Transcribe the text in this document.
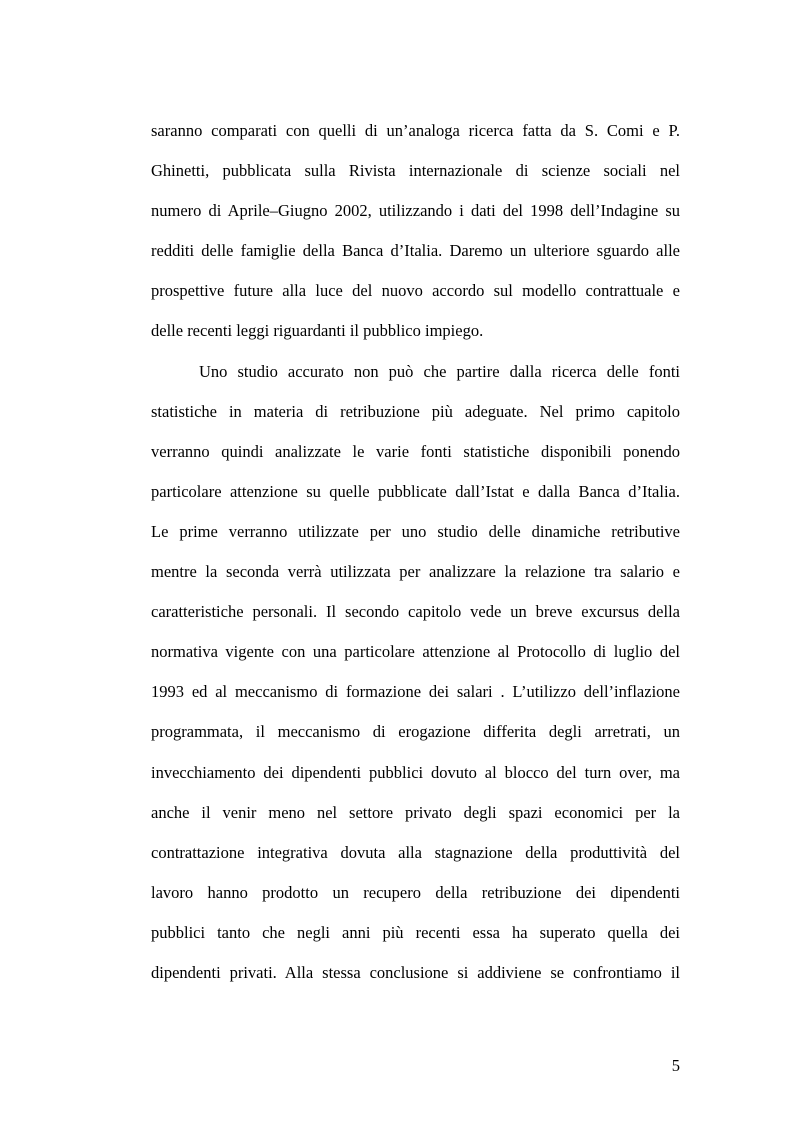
saranno comparati con quelli di un’analoga ricerca fatta da S. Comi e P.
Ghinetti, pubblicata sulla Rivista internazionale di scienze sociali nel
numero di Aprile–Giugno 2002, utilizzando i dati del 1998 dell’Indagine su
redditi delle famiglie della Banca d’Italia. Daremo un ulteriore sguardo alle
prospettive future alla luce del nuovo accordo sul modello contrattuale e
delle recenti leggi riguardanti il pubblico impiego.

Uno studio accurato non può che partire dalla ricerca delle fonti
statistiche in materia di retribuzione più adeguate. Nel primo capitolo
verranno quindi analizzate le varie fonti statistiche disponibili ponendo
particolare attenzione su quelle pubblicate dall’Istat e dalla Banca d’Italia.
Le prime verranno utilizzate per uno studio delle dinamiche retributive
mentre la seconda verrà utilizzata per analizzare la relazione tra salario e
caratteristiche personali. Il secondo capitolo vede un breve excursus della
normativa vigente con una particolare attenzione al Protocollo di luglio del
1993 ed al meccanismo di formazione dei salari . L’utilizzo dell’inflazione
programmata, il meccanismo di erogazione differita degli arretrati, un
invecchiamento dei dipendenti pubblici dovuto al blocco del turn over, ma
anche il venir meno nel settore privato degli spazi economici per la
contrattazione integrativa dovuta alla stagnazione della produttività del
lavoro hanno prodotto un recupero della retribuzione dei dipendenti
pubblici tanto che negli anni più recenti essa ha superato quella dei
dipendenti privati. Alla stessa conclusione si addiviene se confrontiamo il

5
